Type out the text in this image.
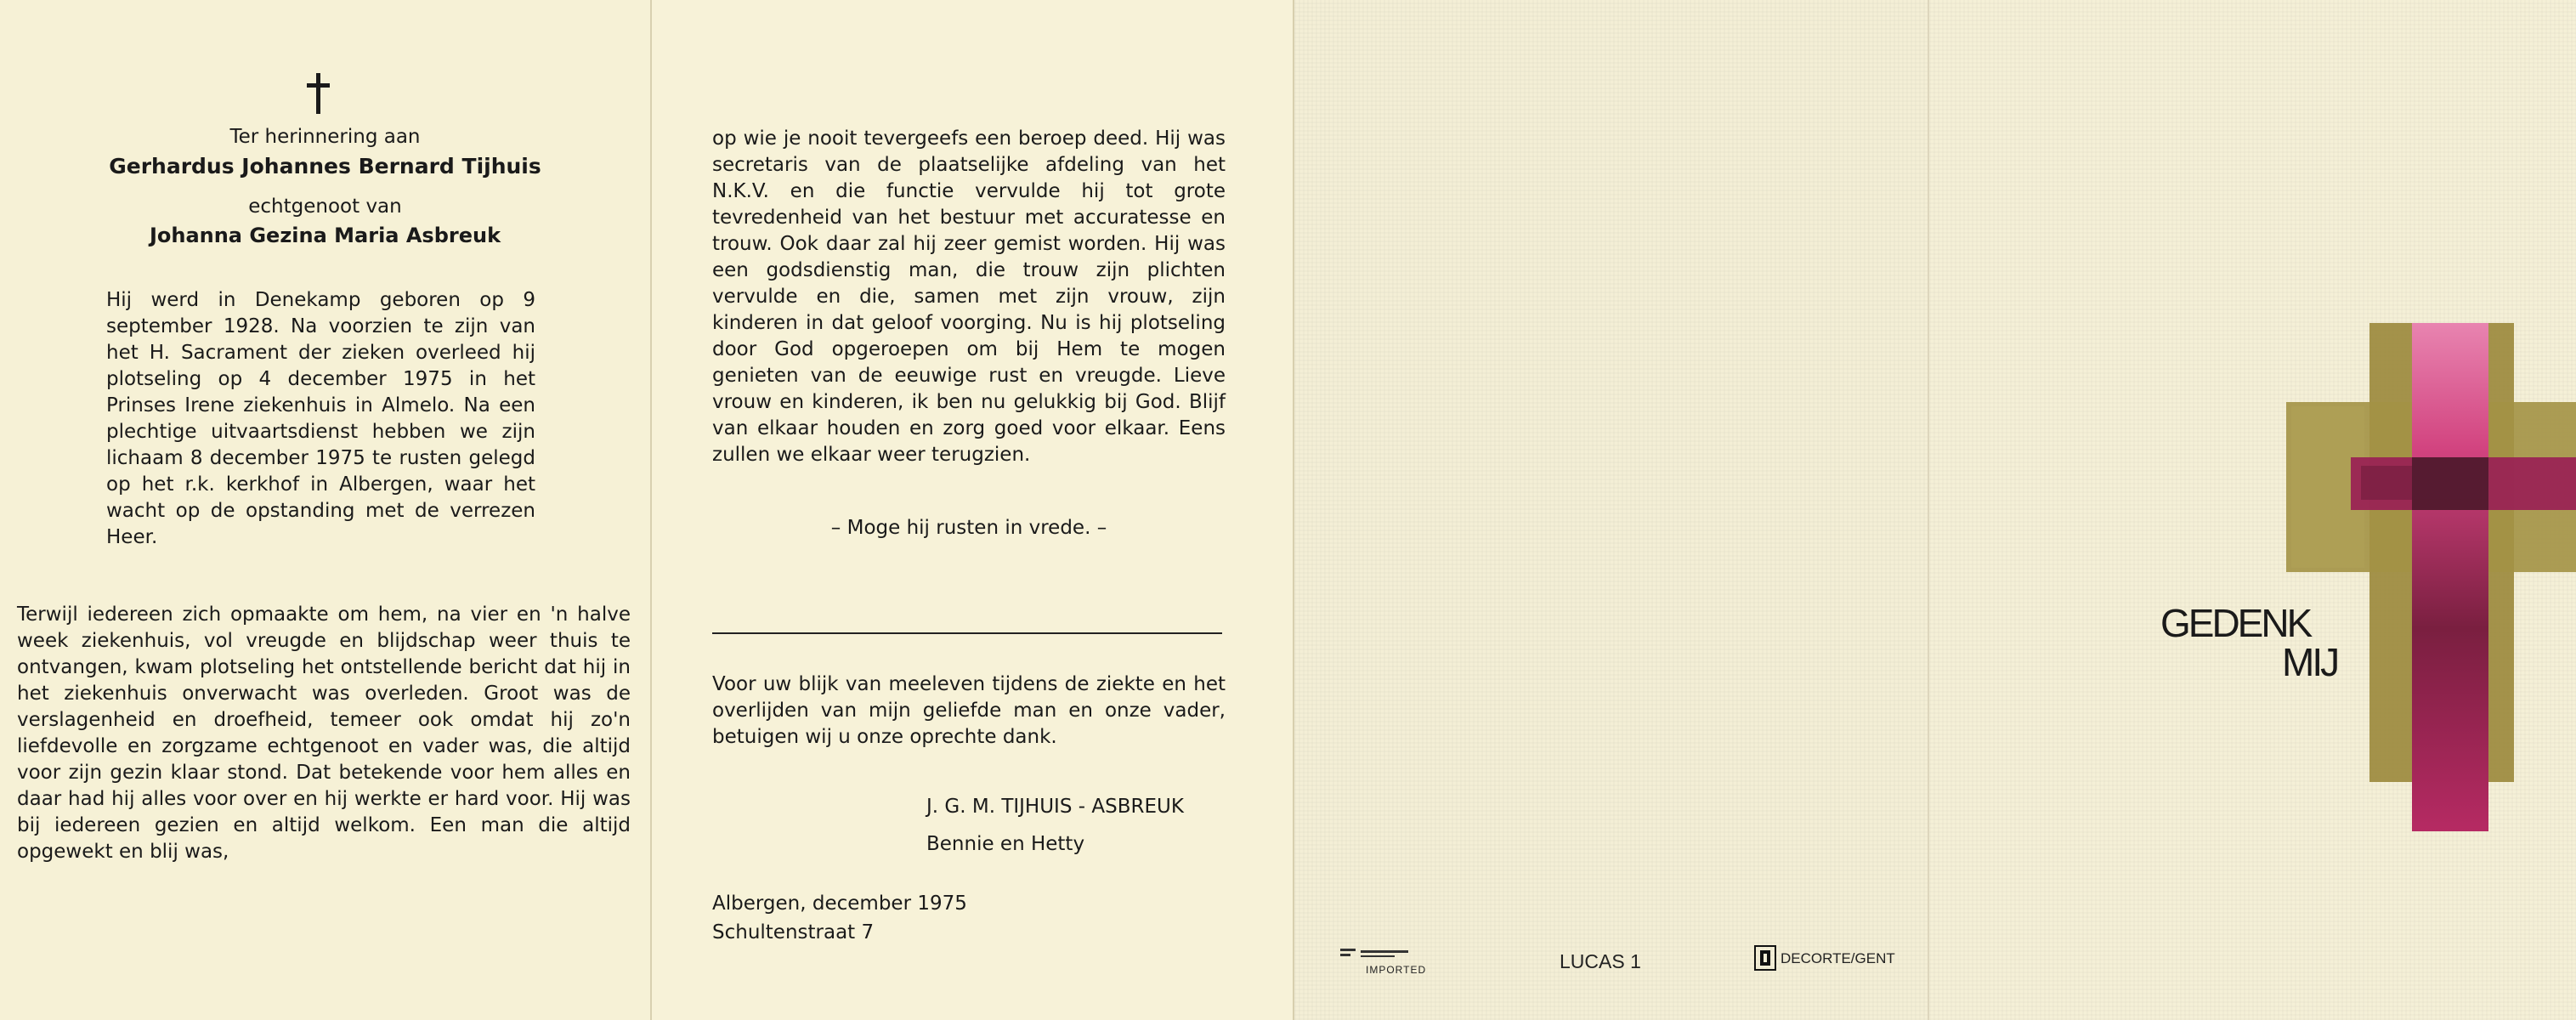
Ter herinnering aan

Gerhardus Johannes Bernard Tijhuis

echtgenoot van

Johanna Gezina Maria Asbreuk

Hij werd in Denekamp geboren op 9 september 1928. Na voorzien te zijn van het H. Sacrament der zieken overleed hij plotseling op 4 december 1975 in het Prinses Irene ziekenhuis in Almelo. Na een plechtige uitvaartsdienst hebben we zijn lichaam 8 december 1975 te rusten gelegd op het r.k. kerkhof in Albergen, waar het wacht op de opstanding met de verrezen Heer.

Terwijl iedereen zich opmaakte om hem, na vier en 'n halve week ziekenhuis, vol vreugde en blijdschap weer thuis te ontvangen, kwam plotseling het ontstellende bericht dat hij in het ziekenhuis onverwacht was overleden. Groot was de verslagenheid en droefheid, temeer ook omdat hij zo'n liefdevolle en zorgzame echtgenoot en vader was, die altijd voor zijn gezin klaar stond. Dat betekende voor hem alles en daar had hij alles voor over en hij werkte er hard voor. Hij was bij iedereen gezien en altijd welkom. Een man die altijd opgewekt en blij was,

op wie je nooit tevergeefs een beroep deed. Hij was secretaris van de plaatselijke afdeling van het N.K.V. en die functie vervulde hij tot grote tevredenheid van het bestuur met accuratesse en trouw. Ook daar zal hij zeer gemist worden. Hij was een godsdienstig man, die trouw zijn plichten vervulde en die, samen met zijn vrouw, zijn kinderen in dat geloof voorging. Nu is hij plotseling door God opgeroepen om bij Hem te mogen genieten van de eeuwige rust en vreugde. Lieve vrouw en kinderen, ik ben nu gelukkig bij God. Blijf van elkaar houden en zorg goed voor elkaar. Eens zullen we elkaar weer terugzien.

– Moge hij rusten in vrede. –

Voor uw blijk van meeleven tijdens de ziekte en het overlijden van mijn geliefde man en onze vader, betuigen wij u onze oprechte dank.

J. G. M. TIJHUIS - ASBREUK

Bennie en Hetty

Albergen, december 1975

Schultenstraat 7

IMPORTED	LUCAS 1	DECORTE/GENT
GEDENK
MIJ
